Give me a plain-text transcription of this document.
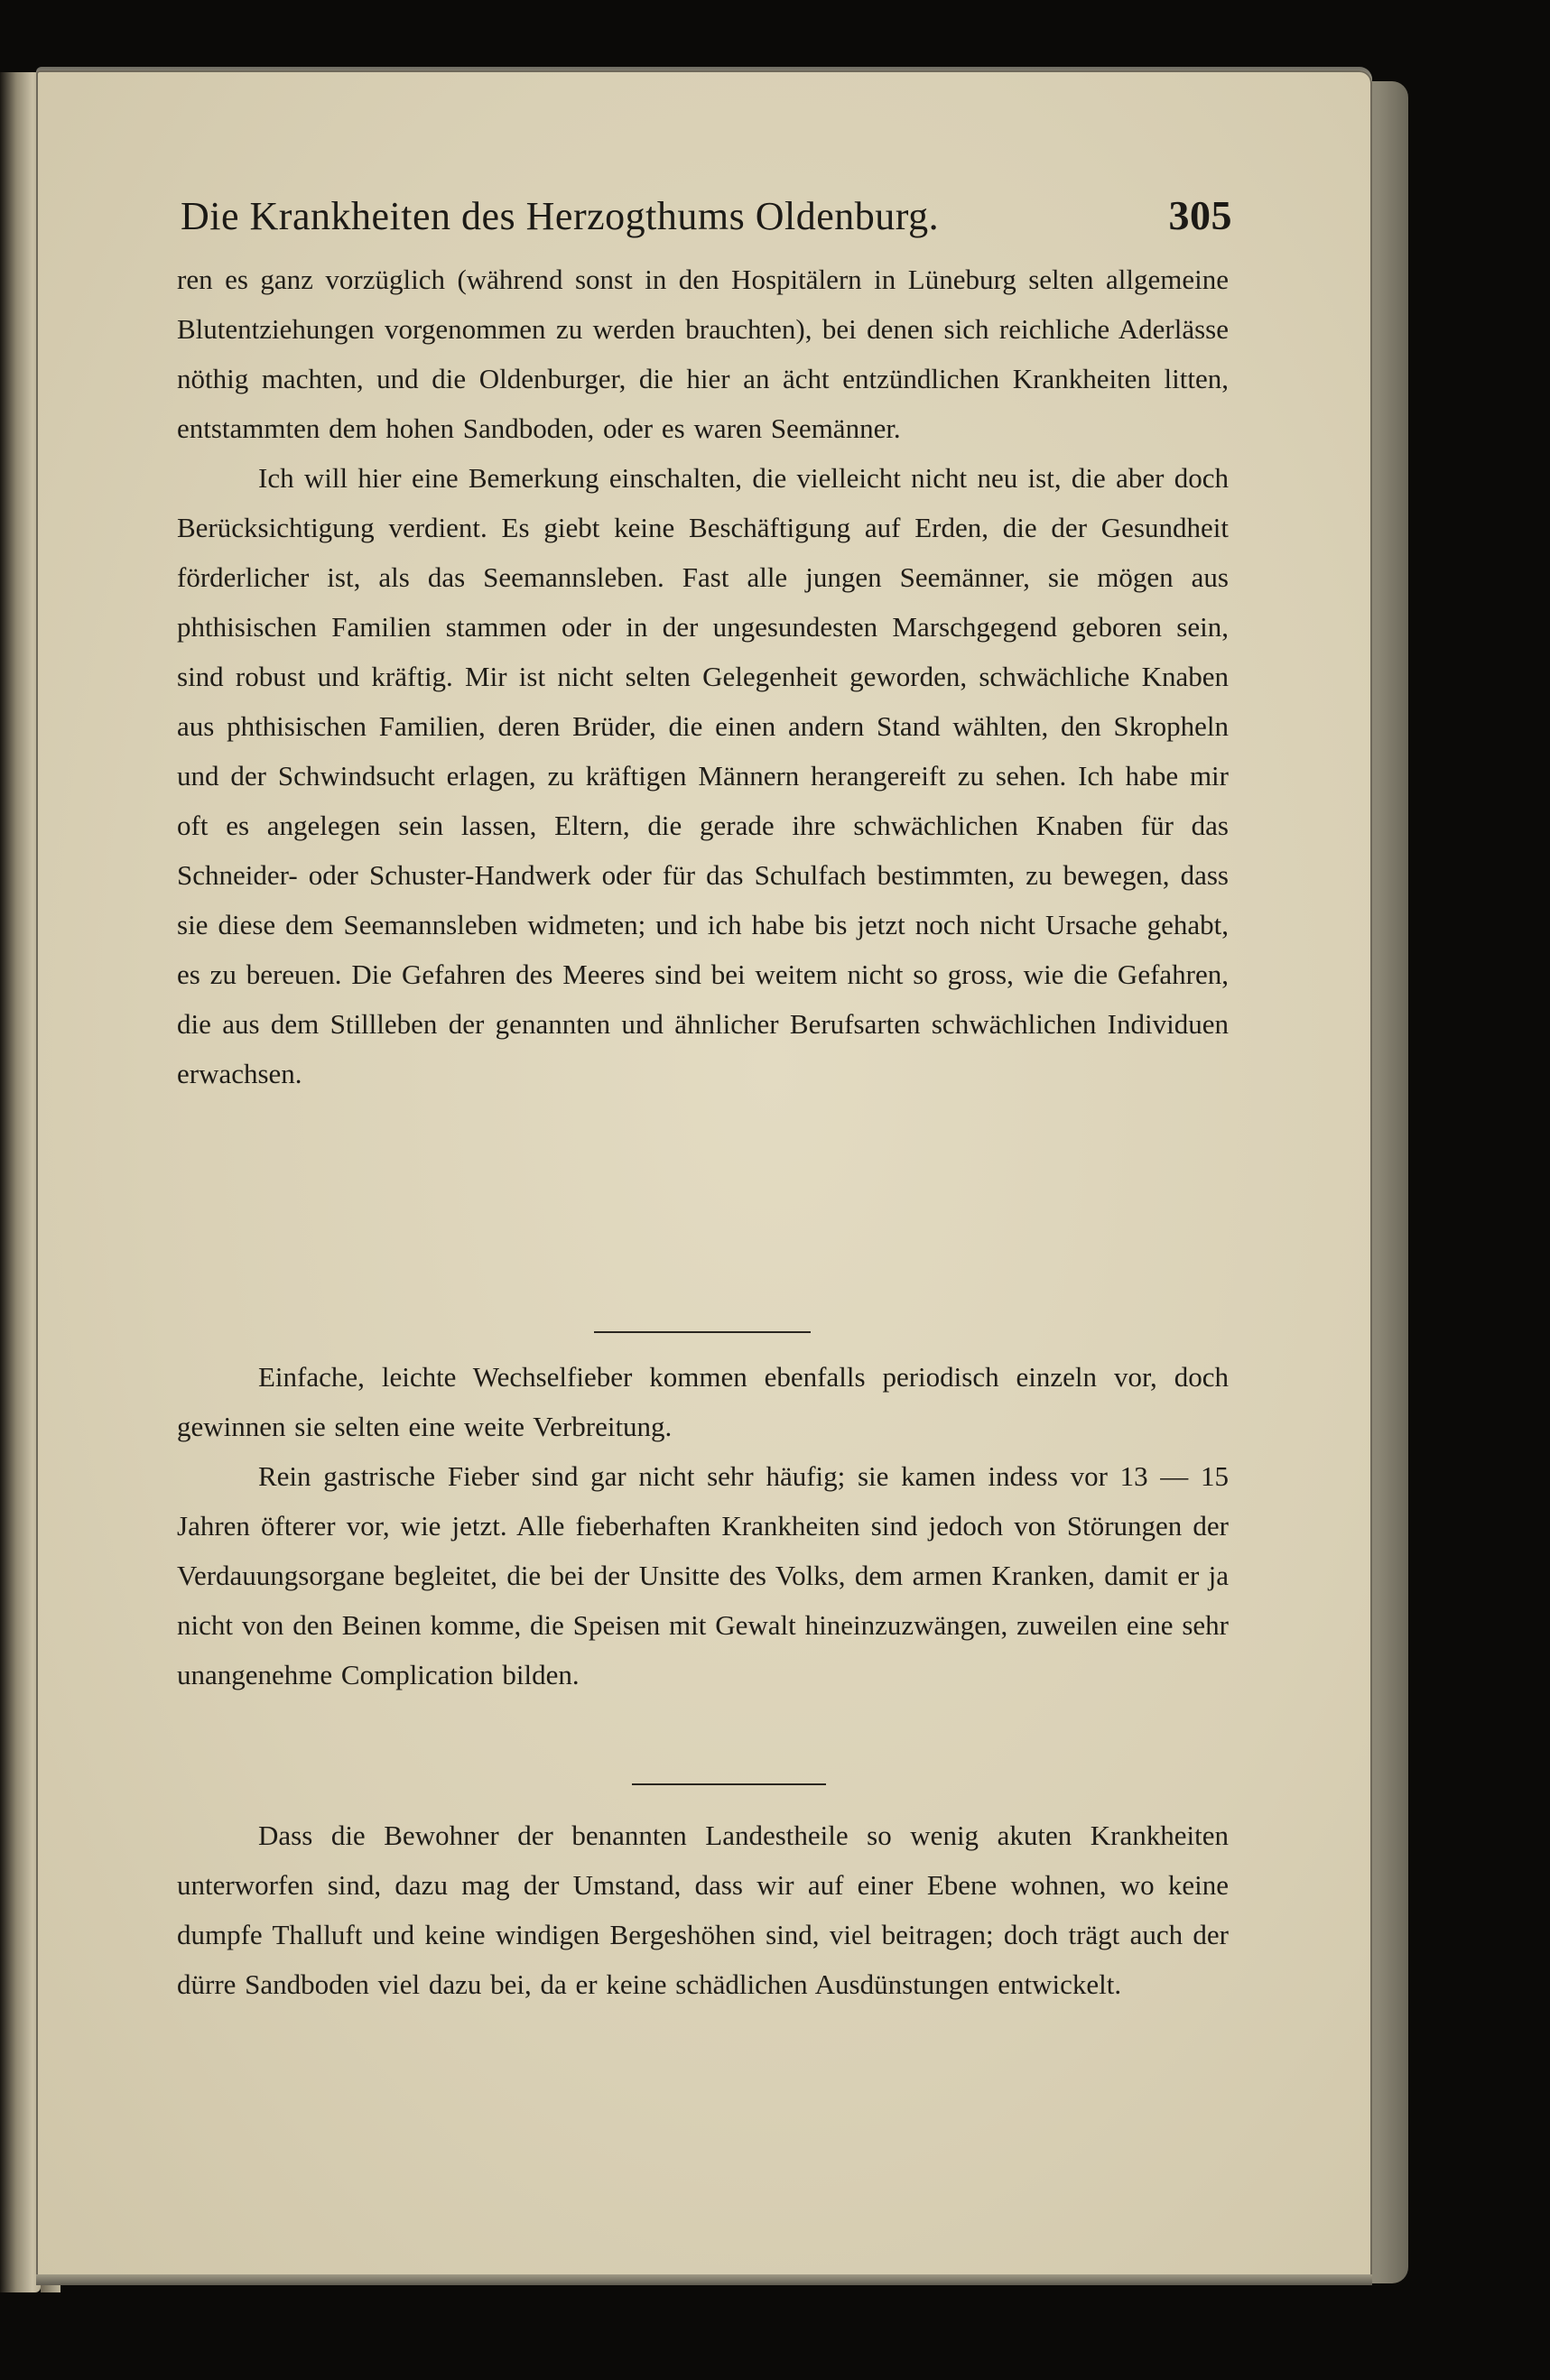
Die Krankheiten des Herzogthums Oldenburg.	305

ren es ganz vorzüglich (während sonst in den Hospitälern in Lüneburg selten allgemeine Blutentziehungen vorgenommen zu werden brauchten), bei denen sich reichliche Aderlässe nöthig machten, und die Oldenburger, die hier an ächt entzündlichen Krankheiten litten, entstammten dem hohen Sandboden, oder es waren Seemänner.

Ich will hier eine Bemerkung einschalten, die vielleicht nicht neu ist, die aber doch Berücksichtigung verdient. Es giebt keine Beschäftigung auf Erden, die der Gesundheit förderlicher ist, als das Seemannsleben. Fast alle jungen Seemänner, sie mögen aus phthisischen Familien stammen oder in der ungesundesten Marschgegend geboren sein, sind robust und kräftig. Mir ist nicht selten Gelegenheit geworden, schwächliche Knaben aus phthisischen Familien, deren Brüder, die einen andern Stand wählten, den Skropheln und der Schwindsucht erlagen, zu kräftigen Männern herangereift zu sehen. Ich habe mir oft es angelegen sein lassen, Eltern, die gerade ihre schwächlichen Knaben für das Schneider- oder Schuster-Handwerk oder für das Schulfach bestimmten, zu bewegen, dass sie diese dem Seemannsleben widmeten; und ich habe bis jetzt noch nicht Ursache gehabt, es zu bereuen. Die Gefahren des Meeres sind bei weitem nicht so gross, wie die Gefahren, die aus dem Stillleben der genannten und ähnlicher Berufsarten schwächlichen Individuen erwachsen.

Einfache, leichte Wechselfieber kommen ebenfalls periodisch einzeln vor, doch gewinnen sie selten eine weite Verbreitung.

Rein gastrische Fieber sind gar nicht sehr häufig; sie kamen indess vor 13 — 15 Jahren öfterer vor, wie jetzt. Alle fieberhaften Krankheiten sind jedoch von Störungen der Verdauungsorgane begleitet, die bei der Unsitte des Volks, dem armen Kranken, damit er ja nicht von den Beinen komme, die Speisen mit Gewalt hineinzuzwängen, zuweilen eine sehr unangenehme Complication bilden.

Dass die Bewohner der benannten Landestheile so wenig akuten Krankheiten unterworfen sind, dazu mag der Umstand, dass wir auf einer Ebene wohnen, wo keine dumpfe Thalluft und keine windigen Bergeshöhen sind, viel beitragen; doch trägt auch der dürre Sandboden viel dazu bei, da er keine schädlichen Ausdünstungen entwickelt.
